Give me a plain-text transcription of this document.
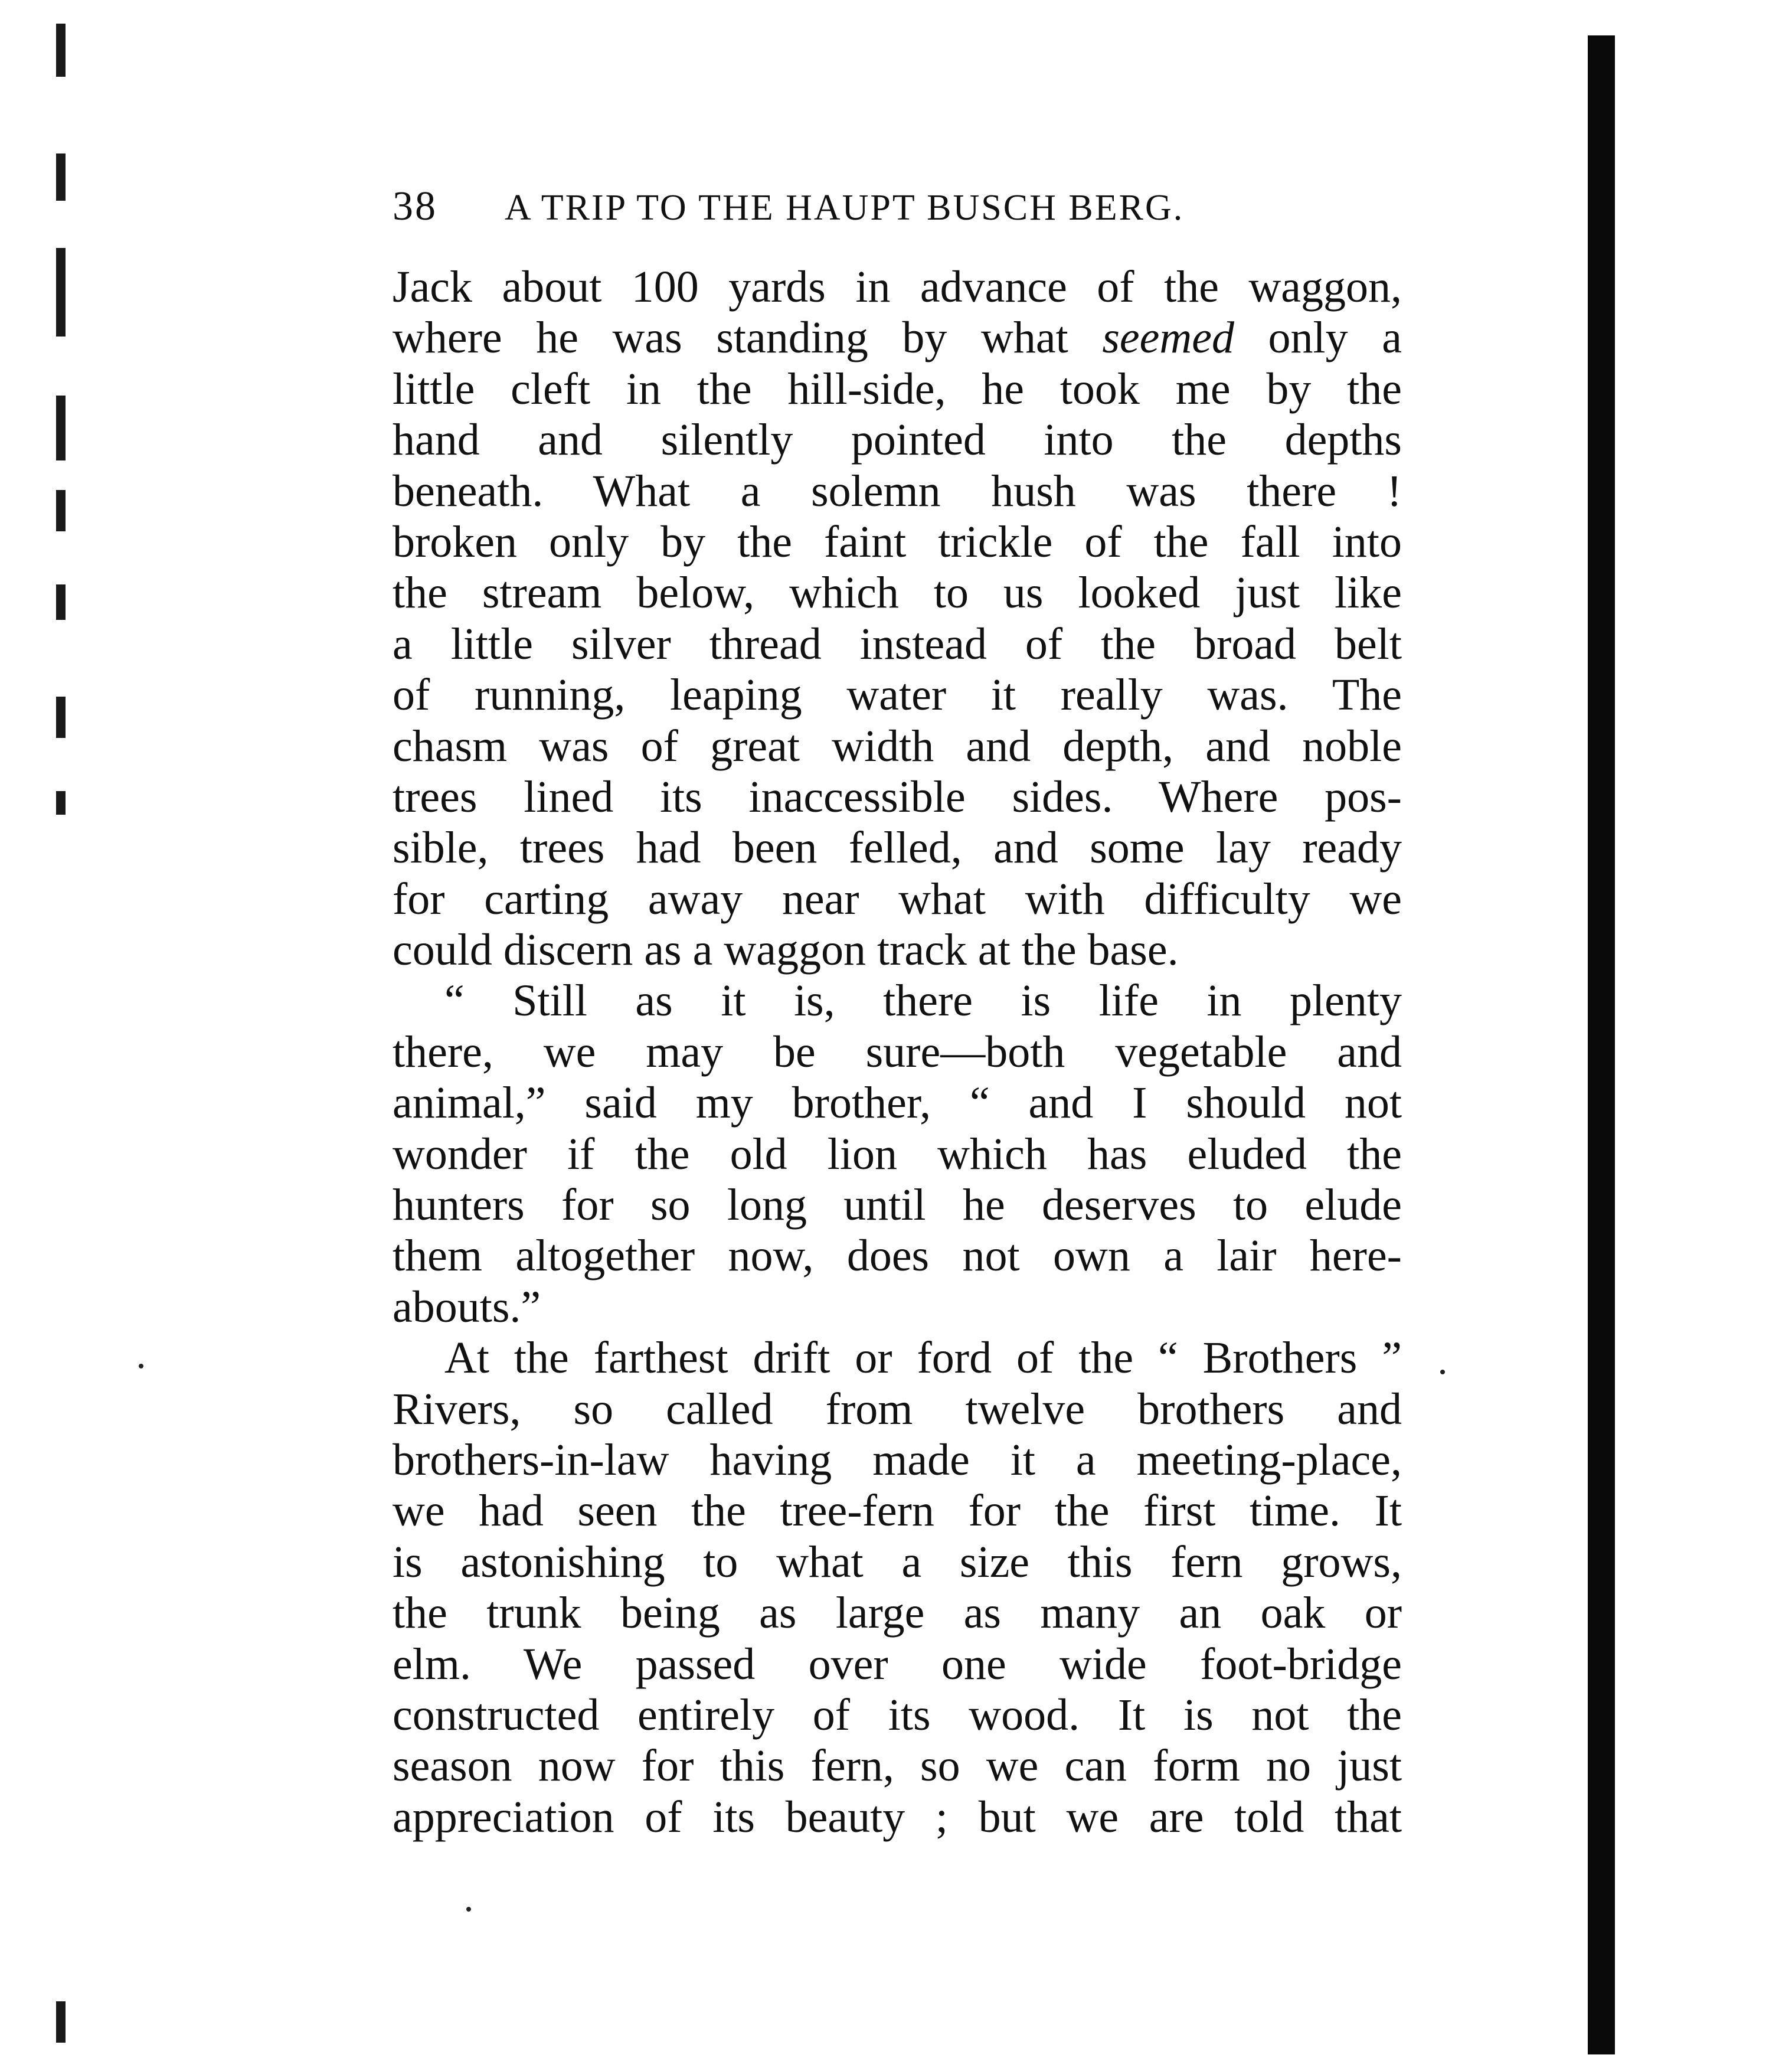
38 A TRIP TO THE HAUPT BUSCH BERG.
Jack about 100 yards in advance of the waggon,
where he was standing by what seemed only a
little cleft in the hill-side, he took me by the
hand and silently pointed into the depths
beneath. What a solemn hush was there !
broken only by the faint trickle of the fall into
the stream below, which to us looked just like
a little silver thread instead of the broad belt
of running, leaping water it really was. The
chasm was of great width and depth, and noble
trees lined its inaccessible sides. Where pos-
sible, trees had been felled, and some lay ready
for carting away near what with difficulty we
could discern as a waggon track at the base.
“ Still as it is, there is life in plenty
there, we may be sure—both vegetable and
animal,” said my brother, “ and I should not
wonder if the old lion which has eluded the
hunters for so long until he deserves to elude
them altogether now, does not own a lair here-
abouts.”
At the farthest drift or ford of the “ Brothers ”
Rivers, so called from twelve brothers and
brothers-in-law having made it a meeting-place,
we had seen the tree-fern for the first time. It
is astonishing to what a size this fern grows,
the trunk being as large as many an oak or
elm. We passed over one wide foot-bridge
constructed entirely of its wood. It is not the
season now for this fern, so we can form no just
appreciation of its beauty ; but we are told that
